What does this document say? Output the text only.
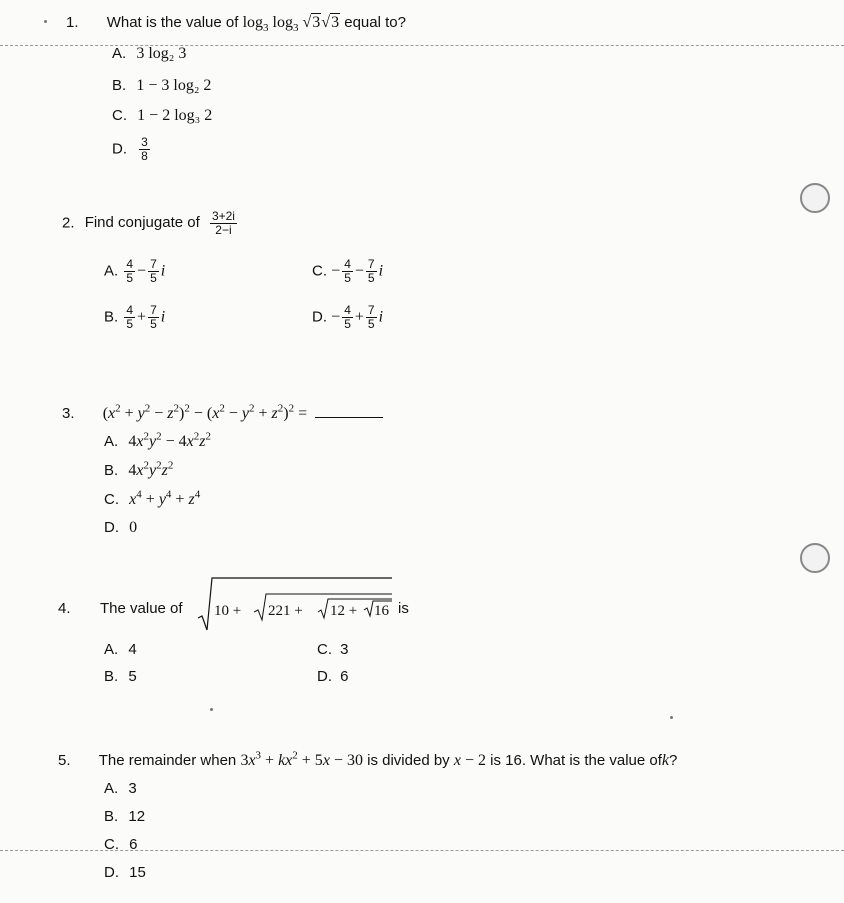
1. What is the value of $\log_3 \log_3$ √ 3 √ 3 equal to?
A. 3 log₂ 3
B. 1 − 3 log₂ 2
C. 1 − 2 log₃ 2
D. $\frac{3}{8}$
2. Find conjugate of $\frac{3+2i}{2-i}$
A. $\frac{4}{5} - \frac{7}{5}$ i
B. $\frac{4}{5} + \frac{7}{5}$ i
C. − $\frac{4}{5} - \frac{7}{5}$ i
D. − $\frac{4}{5} + \frac{7}{5}$ i
3. $(x^2 + y^2 - z^2)^2 - (x^2 - y^2 + z^2)^2$ =
A. $4x^2y^2 - 4x^2z^2$
B. $4x^2y^2z^2$
C. $x^4 + y^4 + z^4$
D. 0
4. The value of 10 + 221 + 12 + 16 is
A. 4
B. 5
C. 3
D. 6
5. The remainder when $3x^3 + kx^2 + 5x - 30$ is divided by x − 2 is 16. What is the value ofk?
A. 3
B. 12
C. 6
D. 15
